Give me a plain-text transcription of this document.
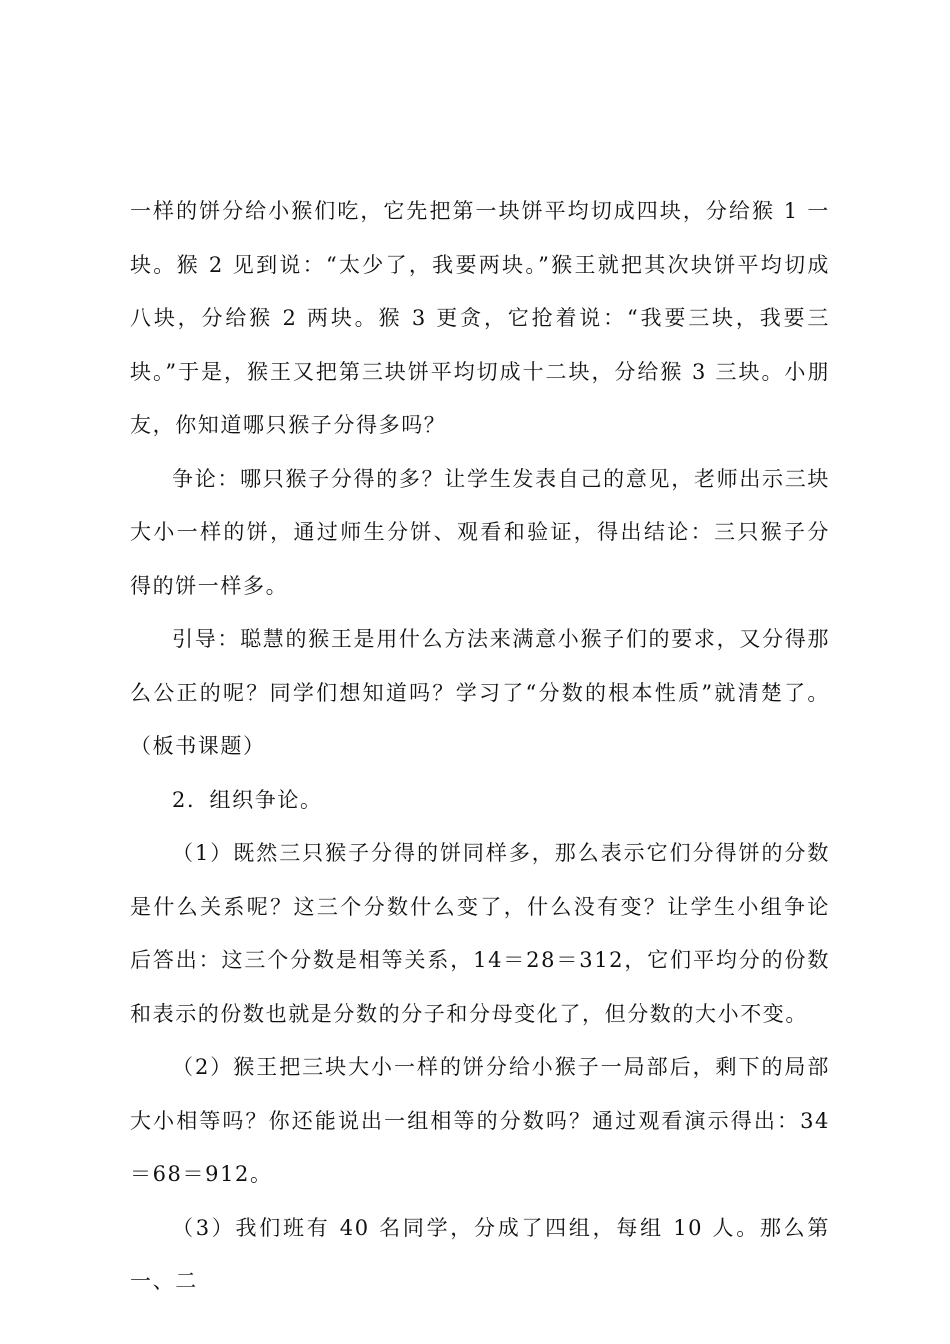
一样的饼分给小猴们吃，它先把第一块饼平均切成四块，分给猴 1 一块。猴 2 见到说：“太少了，我要两块。”猴王就把其次块饼平均切成八块，分给猴 2 两块。猴 3 更贪，它抢着说：“我要三块，我要三块。”于是，猴王又把第三块饼平均切成十二块，分给猴 3 三块。小朋友，你知道哪只猴子分得多吗？

争论：哪只猴子分得的多？让学生发表自己的意见，老师出示三块大小一样的饼，通过师生分饼、观看和验证，得出结论：三只猴子分得的饼一样多。

引导：聪慧的猴王是用什么方法来满意小猴子们的要求，又分得那么公正的呢？同学们想知道吗？学习了“分数的根本性质”就清楚了。（板书课题）

2．组织争论。

（1）既然三只猴子分得的饼同样多，那么表示它们分得饼的分数是什么关系呢？这三个分数什么变了，什么没有变？让学生小组争论后答出：这三个分数是相等关系，14＝28＝312，它们平均分的份数和表示的份数也就是分数的分子和分母变化了，但分数的大小不变。

（2）猴王把三块大小一样的饼分给小猴子一局部后，剩下的局部大小相等吗？你还能说出一组相等的分数吗？通过观看演示得出：34＝68＝912。

（3）我们班有 40 名同学，分成了四组，每组 10 人。那么第一、二
